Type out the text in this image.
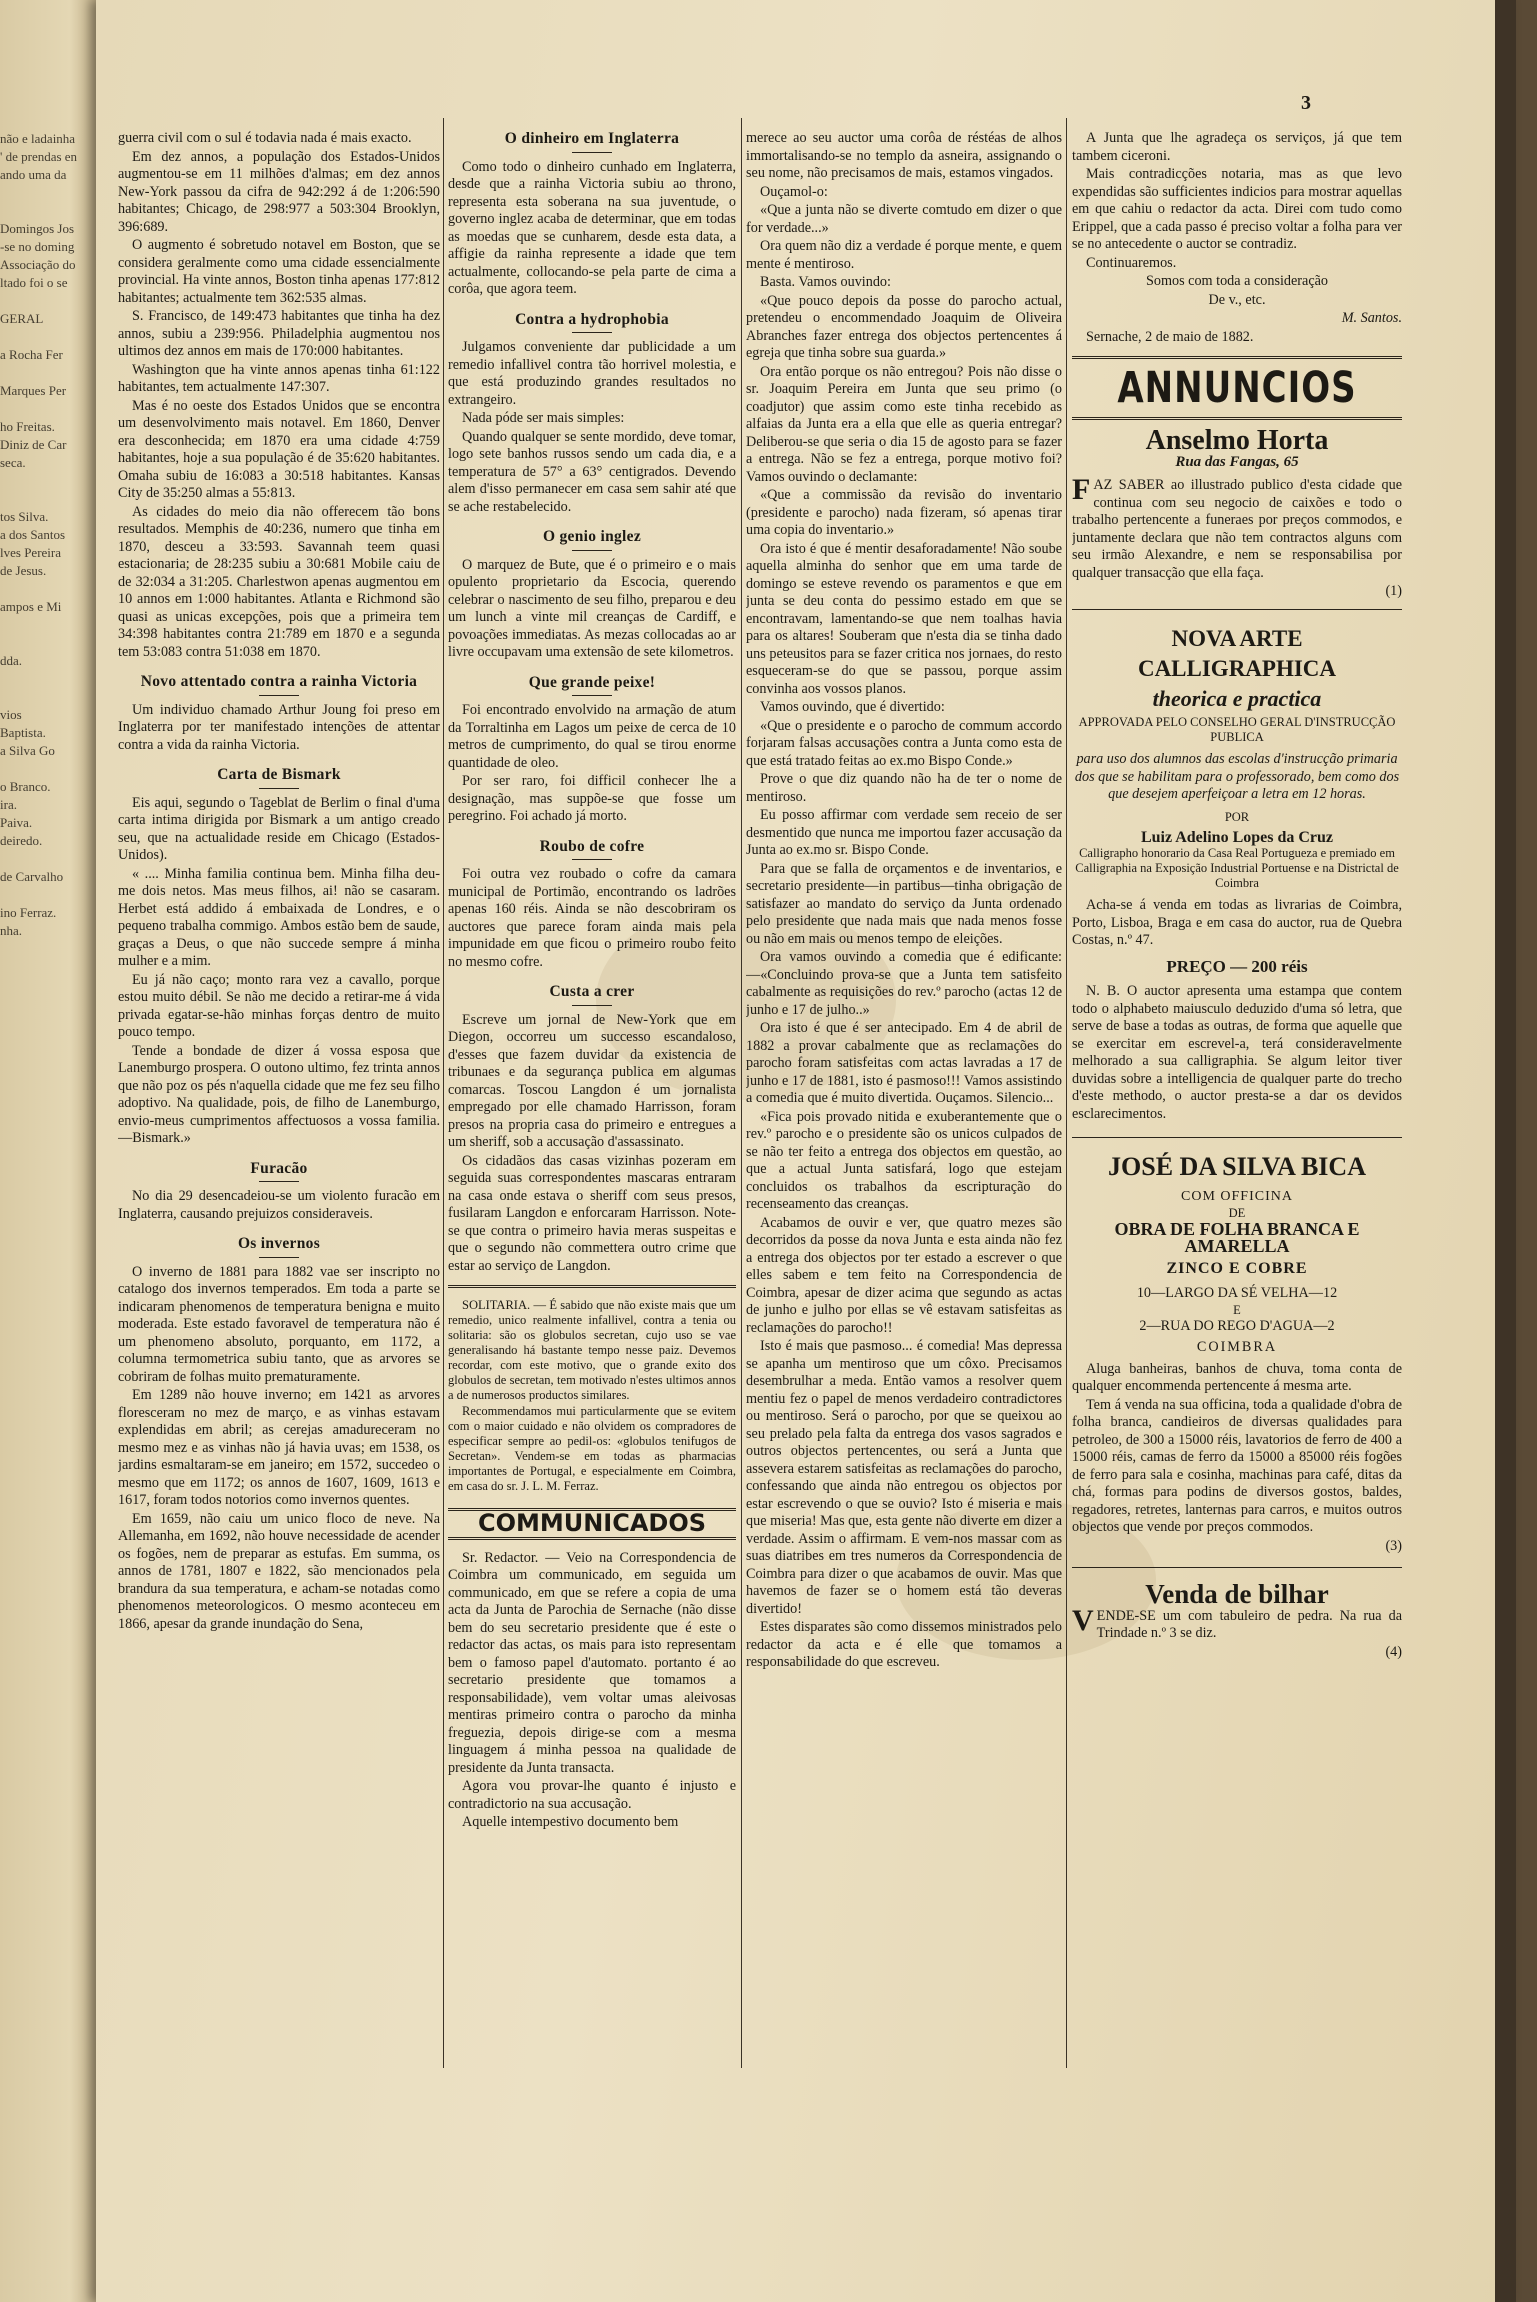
não e ladainha
' de prendas en
ando uma da

Domingos Jos
-se no doming
Associação do
ltado foi o se

GERAL

a Rocha Fer

Marques Per

ho Freitas.
Diniz de Car
seca.

tos Silva.
a dos Santos
lves Pereira
de Jesus.

ampos e Mi

dda.

vios
Baptista.
a Silva Go

o Branco.
ira.
Paiva.
deiredo.

de Carvalho

ino Ferraz.
nha.
3

guerra civil com o sul é todavia nada é mais exacto.

Em dez annos, a população dos Estados-Unidos augmentou-se em 11 milhões d'almas; em dez annos New-York passou da cifra de 942:292 á de 1:206:590 habitantes; Chicago, de 298:977 a 503:304 Brooklyn, 396:689.

O augmento é sobretudo notavel em Boston, que se considera geralmente como uma cidade essencialmente provincial. Ha vinte annos, Boston tinha apenas 177:812 habitantes; actualmente tem 362:535 almas.

S. Francisco, de 149:473 habitantes que tinha ha dez annos, subiu a 239:956. Philadelphia augmentou nos ultimos dez annos em mais de 170:000 habitantes.

Washington que ha vinte annos apenas tinha 61:122 habitantes, tem actualmente 147:307.

Mas é no oeste dos Estados Unidos que se encontra um desenvolvimento mais notavel. Em 1860, Denver era desconhecida; em 1870 era uma cidade 4:759 habitantes, hoje a sua população é de 35:620 habitantes. Omaha subiu de 16:083 a 30:518 habitantes. Kansas City de 35:250 almas a 55:813.

As cidades do meio dia não offerecem tão bons resultados. Memphis de 40:236, numero que tinha em 1870, desceu a 33:593. Savannah teem quasi estacionaria; de 28:235 subiu a 30:681 Mobile caiu de de 32:034 a 31:205. Charlestwon apenas augmentou em 10 annos em 1:000 habitantes. Atlanta e Richmond são quasi as unicas excepções, pois que a primeira tem 34:398 habitantes contra 21:789 em 1870 e a segunda tem 53:083 contra 51:038 em 1870.

Novo attentado contra a rainha Victoria

Um individuo chamado Arthur Joung foi preso em Inglaterra por ter manifestado intenções de attentar contra a vida da rainha Victoria.

Carta de Bismark

Eis aqui, segundo o Tageblat de Berlim o final d'uma carta intima dirigida por Bismark a um antigo creado seu, que na actualidade reside em Chicago (Estados-Unidos).

« .... Minha familia continua bem. Minha filha deu-me dois netos. Mas meus filhos, ai! não se casaram. Herbet está addido á embaixada de Londres, e o pequeno trabalha commigo. Ambos estão bem de saude, graças a Deus, o que não succede sempre á minha mulher e a mim.

Eu já não caço; monto rara vez a cavallo, porque estou muito débil. Se não me decido a retirar-me á vida privada egatar-se-hão minhas forças dentro de muito pouco tempo.

Tende a bondade de dizer á vossa esposa que Lanemburgo prospera. O outono ultimo, fez trinta annos que não poz os pés n'aquella cidade que me fez seu filho adoptivo. Na qualidade, pois, de filho de Lanemburgo, envio-meus cumprimentos affectuosos a vossa familia.—Bismark.»

Furacão

No dia 29 desencadeiou-se um violento furacão em Inglaterra, causando prejuizos consideraveis.

Os invernos

O inverno de 1881 para 1882 vae ser inscripto no catalogo dos invernos temperados. Em toda a parte se indicaram phenomenos de temperatura benigna e muito moderada. Este estado favoravel de temperatura não é um phenomeno absoluto, porquanto, em 1172, a columna termometrica subiu tanto, que as arvores se cobriram de folhas muito prematuramente.

Em 1289 não houve inverno; em 1421 as arvores floresceram no mez de março, e as vinhas estavam explendidas em abril; as cerejas amadureceram no mesmo mez e as vinhas não já havia uvas; em 1538, os jardins esmaltaram-se em janeiro; em 1572, succedeo o mesmo que em 1172; os annos de 1607, 1609, 1613 e 1617, foram todos notorios como invernos quentes.

Em 1659, não caiu um unico floco de neve. Na Allemanha, em 1692, não houve necessidade de acender os fogões, nem de preparar as estufas. Em summa, os annos de 1781, 1807 e 1822, são mencionados pela brandura da sua temperatura, e acham-se notadas como phenomenos meteorologicos. O mesmo aconteceu em 1866, apesar da grande inundação do Sena,

O dinheiro em Inglaterra

Como todo o dinheiro cunhado em Inglaterra, desde que a rainha Victoria subiu ao throno, representa esta soberana na sua juventude, o governo inglez acaba de determinar, que em todas as moedas que se cunharem, desde esta data, a affigie da rainha represente a idade que tem actualmente, collocando-se pela parte de cima a corôa, que agora teem.

Contra a hydrophobia

Julgamos conveniente dar publicidade a um remedio infallivel contra tão horrivel molestia, e que está produzindo grandes resultados no extrangeiro.

Nada póde ser mais simples:

Quando qualquer se sente mordido, deve tomar, logo sete banhos russos sendo um cada dia, e a temperatura de 57° a 63° centigrados. Devendo alem d'isso permanecer em casa sem sahir até que se ache restabelecido.

O genio inglez

O marquez de Bute, que é o primeiro e o mais opulento proprietario da Escocia, querendo celebrar o nascimento de seu filho, preparou e deu um lunch a vinte mil creanças de Cardiff, e povoações immediatas. As mezas collocadas ao ar livre occupavam uma extensão de sete kilometros.

Que grande peixe!

Foi encontrado envolvido na armação de atum da Torraltinha em Lagos um peixe de cerca de 10 metros de cumprimento, do qual se tirou enorme quantidade de oleo.

Por ser raro, foi difficil conhecer lhe a designação, mas suppõe-se que fosse um peregrino. Foi achado já morto.

Roubo de cofre

Foi outra vez roubado o cofre da camara municipal de Portimão, encontrando os ladrões apenas 160 réis. Ainda se não descobriram os auctores que parece foram ainda mais pela impunidade em que ficou o primeiro roubo feito no mesmo cofre.

Custa a crer

Escreve um jornal de New-York que em Diegon, occorreu um successo escandaloso, d'esses que fazem duvidar da existencia de tribunaes e da segurança publica em algumas comarcas. Toscou Langdon é um jornalista empregado por elle chamado Harrisson, foram presos na propria casa do primeiro e entregues a um sheriff, sob a accusação d'assassinato.

Os cidadãos das casas vizinhas pozeram em seguida suas correspondentes mascaras entraram na casa onde estava o sheriff com seus presos, fusilaram Langdon e enforcaram Harrisson. Note-se que contra o primeiro havia meras suspeitas e que o segundo não commettera outro crime que estar ao serviço de Langdon.

SOLITARIA. — É sabido que não existe mais que um remedio, unico realmente infallivel, contra a tenia ou solitaria: são os globulos secretan, cujo uso se vae generalisando há bastante tempo nesse paiz. Devemos recordar, com este motivo, que o grande exito dos globulos de secretan, tem motivado n'estes ultimos annos a de numerosos productos similares.

Recommendamos mui particularmente que se evitem com o maior cuidado e não olvidem os compradores de especificar sempre ao pedil-os: «globulos tenifugos de Secretan». Vendem-se em todas as pharmacias importantes de Portugal, e especialmente em Coimbra, em casa do sr. J. L. M. Ferraz.

COMMUNICADOS

Sr. Redactor. — Veio na Correspondencia de Coimbra um communicado, em seguida um communicado, em que se refere a copia de uma acta da Junta de Parochia de Sernache (não disse bem do seu secretario presidente que é este o redactor das actas, os mais para isto representam bem o famoso papel d'automato. portanto é ao secretario presidente que tomamos a responsabilidade), vem voltar umas aleivosas mentiras primeiro contra o parocho da minha freguezia, depois dirige-se com a mesma linguagem á minha pessoa na qualidade de presidente da Junta transacta.

Agora vou provar-lhe quanto é injusto e contradictorio na sua accusação.

Aquelle intempestivo documento bem

merece ao seu auctor uma corôa de réstéas de alhos immortalisando-se no templo da asneira, assignando o seu nome, não precisamos de mais, estamos vingados.

Ouçamol-o:

«Que a junta não se diverte comtudo em dizer o que for verdade...»

Ora quem não diz a verdade é porque mente, e quem mente é mentiroso.

Basta. Vamos ouvindo:

«Que pouco depois da posse do parocho actual, pretendeu o encommendado Joaquim de Oliveira Abranches fazer entrega dos objectos pertencentes á egreja que tinha sobre sua guarda.»

Ora então porque os não entregou? Pois não disse o sr. Joaquim Pereira em Junta que seu primo (o coadjutor) que assim como este tinha recebido as alfaias da Junta era a ella que elle as queria entregar? Deliberou-se que seria o dia 15 de agosto para se fazer a entrega. Não se fez a entrega, porque motivo foi? Vamos ouvindo o declamante:

«Que a commissão da revisão do inventario (presidente e parocho) nada fizeram, só apenas tirar uma copia do inventario.»

Ora isto é que é mentir desaforadamente! Não soube aquella alminha do senhor que em uma tarde de domingo se esteve revendo os paramentos e que em junta se deu conta do pessimo estado em que se encontravam, lamentando-se que nem toalhas havia para os altares! Souberam que n'esta dia se tinha dado uns peteusitos para se fazer critica nos jornaes, do resto esqueceram-se do que se passou, porque assim convinha aos vossos planos.

Vamos ouvindo, que é divertido:

«Que o presidente e o parocho de commum accordo forjaram falsas accusações contra a Junta como esta de que está tratado feitas ao ex.mo Bispo Conde.»

Prove o que diz quando não ha de ter o nome de mentiroso.

Eu posso affirmar com verdade sem receio de ser desmentido que nunca me importou fazer accusação da Junta ao ex.mo sr. Bispo Conde.

Para que se falla de orçamentos e de inventarios, e secretario presidente—in partibus—tinha obrigação de satisfazer ao mandato do serviço da Junta ordenado pelo presidente que nada mais que nada menos fosse ou não em mais ou menos tempo de eleições.

Ora vamos ouvindo a comedia que é edificante:—«Concluindo prova-se que a Junta tem satisfeito cabalmente as requisições do rev.º parocho (actas 12 de junho e 17 de julho..»

Ora isto é que é ser antecipado. Em 4 de abril de 1882 a provar cabalmente que as reclamações do parocho foram satisfeitas com actas lavradas a 17 de junho e 17 de 1881, isto é pasmoso!!! Vamos assistindo a comedia que é muito divertida. Ouçamos. Silencio...

«Fica pois provado nitida e exuberantemente que o rev.º parocho e o presidente são os unicos culpados de se não ter feito a entrega dos objectos em questão, ao que a actual Junta satisfará, logo que estejam concluidos os trabalhos da escripturação do recenseamento das creanças.

Acabamos de ouvir e ver, que quatro mezes são decorridos da posse da nova Junta e esta ainda não fez a entrega dos objectos por ter estado a escrever o que elles sabem e tem feito na Correspondencia de Coimbra, apesar de dizer acima que segundo as actas de junho e julho por ellas se vê estavam satisfeitas as reclamações do parocho!!

Isto é mais que pasmoso... é comedia! Mas depressa se apanha um mentiroso que um côxo. Precisamos desembrulhar a meda. Então vamos a resolver quem mentiu fez o papel de menos verdadeiro contradictores ou mentiroso. Será o parocho, por que se queixou ao seu prelado pela falta da entrega dos vasos sagrados e outros objectos pertencentes, ou será a Junta que assevera estarem satisfeitas as reclamações do parocho, confessando que ainda não entregou os objectos por estar escrevendo o que se ouvio? Isto é miseria e mais que miseria! Mas que, esta gente não diverte em dizer a verdade. Assim o affirmam. E vem-nos massar com as suas diatribes em tres numeros da Correspondencia de Coimbra para dizer o que acabamos de ouvir. Mas que havemos de fazer se o homem está tão deveras divertido!

Estes disparates são como dissemos ministrados pelo redactor da acta e é elle que tomamos a responsabilidade do que escreveu.

A Junta que lhe agradeça os serviços, já que tem tambem ciceroni.

Mais contradicções notaria, mas as que levo expendidas são sufficientes indicios para mostrar aquellas em que cahiu o redactor da acta. Direi com tudo como Erippel, que a cada passo é preciso voltar a folha para ver se no antecedente o auctor se contradiz.

Continuaremos.

Somos com toda a consideração

De v., etc.

M. Santos.

Sernache, 2 de maio de 1882.

ANNUNCIOS
Anselmo Horta
Rua das Fangas, 65

FAZ SABER ao illustrado publico d'esta cidade que continua com seu negocio de caixões e todo o trabalho pertencente a funeraes por preços commodos, e juntamente declara que não tem contractos alguns com seu irmão Alexandre, e nem se responsabilisa por qualquer transacção que ella faça.

(1)

NOVA ARTE CALLIGRAPHICA
theorica e practica
APPROVADA PELO CONSELHO GERAL D'INSTRUCÇÃO PUBLICA

para uso dos alumnos das escolas d'instrucção primaria dos que se habilitam para o professorado, bem como dos que desejem aperfeiçoar a letra em 12 horas.

POR
Luiz Adelino Lopes da Cruz

Calligrapho honorario da Casa Real Portugueza e premiado em Calligraphia na Exposição Industrial Portuense e na Districtal de Coimbra

Acha-se á venda em todas as livrarias de Coimbra, Porto, Lisboa, Braga e em casa do auctor, rua de Quebra Costas, n.º 47.

PREÇO — 200 réis

N. B. O auctor apresenta uma estampa que contem todo o alphabeto maiusculo deduzido d'uma só letra, que serve de base a todas as outras, de forma que aquelle que se exercitar em escrevel-a, terá consideravelmente melhorado a sua calligraphia. Se algum leitor tiver duvidas sobre a intelligencia de qualquer parte do trecho d'este methodo, o auctor presta-se a dar os devidos esclarecimentos.

JOSÉ DA SILVA BICA
COM OFFICINA
DE
OBRA DE FOLHA BRANCA E AMARELLA
ZINCO E COBRE
10—LARGO DA SÉ VELHA—12
E
2—RUA DO REGO D'AGUA—2
COIMBRA

Aluga banheiras, banhos de chuva, toma conta de qualquer encommenda pertencente á mesma arte.

Tem á venda na sua officina, toda a qualidade d'obra de folha branca, candieiros de diversas qualidades para petroleo, de 300 a 15000 réis, lavatorios de ferro de 400 a 15000 réis, camas de ferro da 15000 a 85000 réis fogões de ferro para sala e cosinha, machinas para café, ditas da chá, formas para podins de diversos gostos, baldes, regadores, retretes, lanternas para carros, e muitos outros objectos que vende por preços commodos.

(3)

Venda de bilhar

VENDE-SE um com tabuleiro de pedra. Na rua da Trindade n.º 3 se diz.

(4)
